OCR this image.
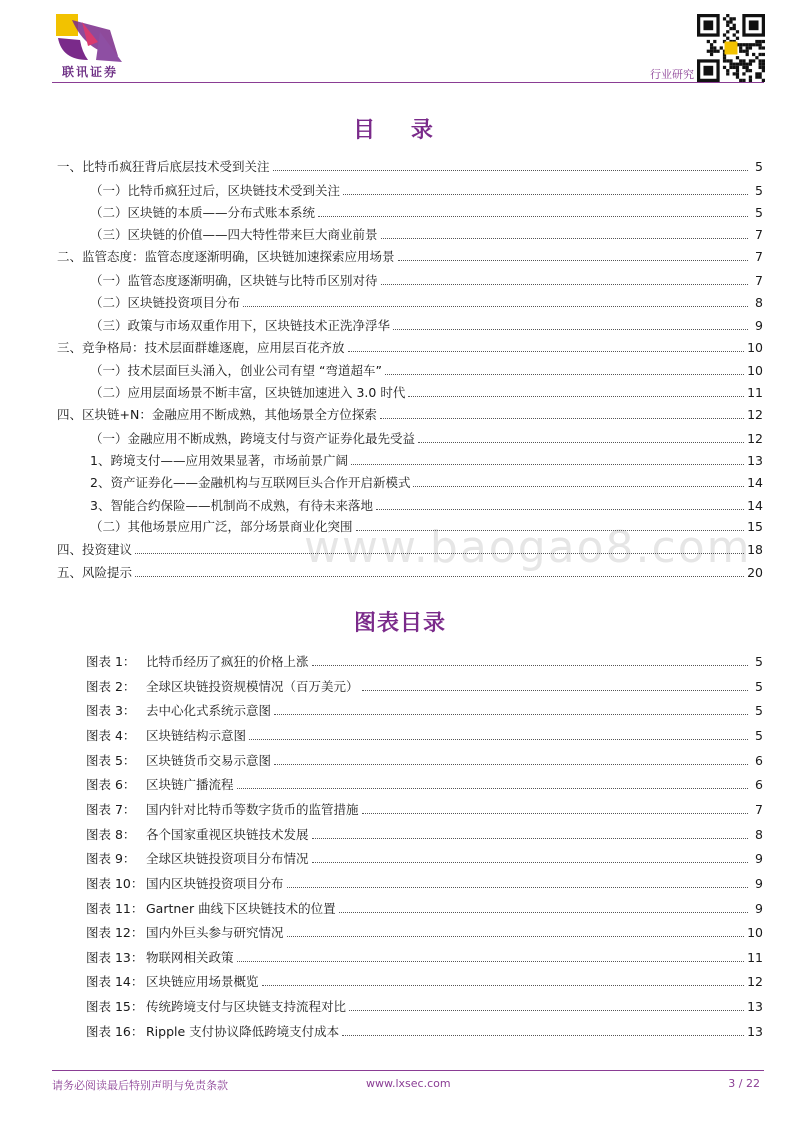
联讯证券	行业研究
目 录
图表目录
www.baogao8.com
一、比特币疯狂背后底层技术受到关注	5
（一）比特币疯狂过后，区块链技术受到关注	5
（二）区块链的本质——分布式账本系统	5
（三）区块链的价值——四大特性带来巨大商业前景	7
二、监管态度：监管态度逐渐明确，区块链加速探索应用场景	7
（一）监管态度逐渐明确，区块链与比特币区别对待	7
（二）区块链投资项目分布	8
（三）政策与市场双重作用下，区块链技术正洗净浮华	9
三、竞争格局：技术层面群雄逐鹿，应用层百花齐放	10
（一）技术层面巨头涌入，创业公司有望 “弯道超车”	10
（二）应用层面场景不断丰富，区块链加速进入 3.0 时代	11
四、区块链+N：金融应用不断成熟，其他场景全方位探索	12
（一）金融应用不断成熟，跨境支付与资产证券化最先受益	12
1、跨境支付——应用效果显著，市场前景广阔	13
2、资产证券化——金融机构与互联网巨头合作开启新模式	14
3、智能合约保险——机制尚不成熟，有待未来落地	14
（二）其他场景应用广泛，部分场景商业化突围	15
四、投资建议	18
五、风险提示	20
图表 1： 比特币经历了疯狂的价格上涨	5
图表 2： 全球区块链投资规模情况（百万美元）	5
图表 3： 去中心化式系统示意图	5
图表 4： 区块链结构示意图	5
图表 5： 区块链货币交易示意图	6
图表 6： 区块链广播流程	6
图表 7： 国内针对比特币等数字货币的监管措施	7
图表 8： 各个国家重视区块链技术发展	8
图表 9： 全球区块链投资项目分布情况	9
图表 10： 国内区块链投资项目分布	9
图表 11： Gartner 曲线下区块链技术的位置	9
图表 12： 国内外巨头参与研究情况	10
图表 13： 物联网相关政策	11
图表 14： 区块链应用场景概览	12
图表 15： 传统跨境支付与区块链支持流程对比	13
图表 16： Ripple 支付协议降低跨境支付成本	13
请务必阅读最后特别声明与免责条款	www.lxsec.com	3 / 22
